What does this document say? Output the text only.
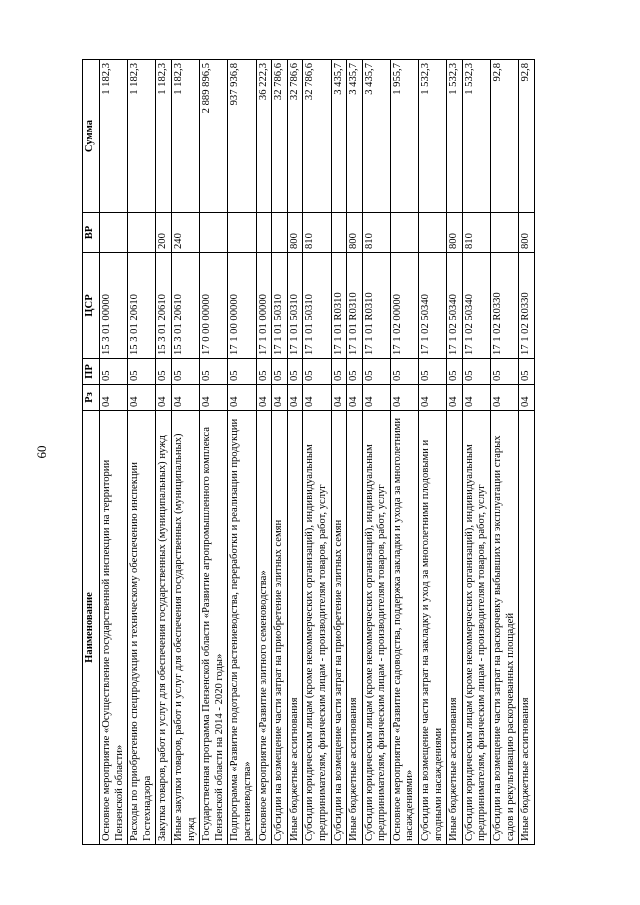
60
Наименование	Рз	ПР	ЦСР	ВР	Сумма
Основное мероприятие «Осуществление государственной инспекции на территории Пензенской области»	04	05	15 3 01 00000		1 182,3
Расходы по приобретению спецпродукции и техническому обеспечению инспекции Гостехнадзора	04	05	15 3 01 20610		1 182,3
Закупка товаров, работ и услуг для обеспечения государственных (муниципальных) нужд	04	05	15 3 01 20610	200	1 182,3
Иные закупки товаров, работ и услуг для обеспечения государственных (муниципальных) нужд	04	05	15 3 01 20610	240	1 182,3
Государственная программа Пензенской области «Развитие агропромышленного комплекса Пензенской области на 2014 - 2020 годы»	04	05	17 0 00 00000		2 889 896,5
Подпрограмма «Развитие подотрасли растениеводства, переработки и реализации продукции растениеводства»	04	05	17 1 00 00000		937 936,8
Основное мероприятие «Развитие элитного семеноводства»	04	05	17 1 01 00000		36 222,3
Субсидии на возмещение части затрат на приобретение элитных семян	04	05	17 1 01 50310		32 786,6
Иные бюджетные ассигнования	04	05	17 1 01 50310	800	32 786,6
Субсидии юридическим лицам (кроме некоммерческих организаций), индивидуальным предпринимателям, физическим лицам - производителям товаров, работ, услуг	04	05	17 1 01 50310	810	32 786,6
Субсидии на возмещение части затрат на приобретение элитных семян	04	05	17 1 01 R0310		3 435,7
Иные бюджетные ассигнования	04	05	17 1 01 R0310	800	3 435,7
Субсидии юридическим лицам (кроме некоммерческих организаций), индивидуальным предпринимателям, физическим лицам - производителям товаров, работ, услуг	04	05	17 1 01 R0310	810	3 435,7
Основное мероприятие «Развитие садоводства, поддержка закладки и ухода за многолетними насаждениями»	04	05	17 1 02 00000		1 955,7
Субсидии на возмещение части затрат на закладку и уход за многолетними плодовыми и ягодными насаждениями	04	05	17 1 02 50340		1 532,3
Иные бюджетные ассигнования	04	05	17 1 02 50340	800	1 532,3
Субсидии юридическим лицам (кроме некоммерческих организаций), индивидуальным предпринимателям, физическим лицам - производителям товаров, работ, услуг	04	05	17 1 02 50340	810	1 532,3
Субсидии на возмещение части затрат на раскорчевку выбывших из эксплуатации старых садов и рекультивацию раскорчеванных площадей	04	05	17 1 02 R0330		92,8
Иные бюджетные ассигнования	04	05	17 1 02 R0330	800	92,8
